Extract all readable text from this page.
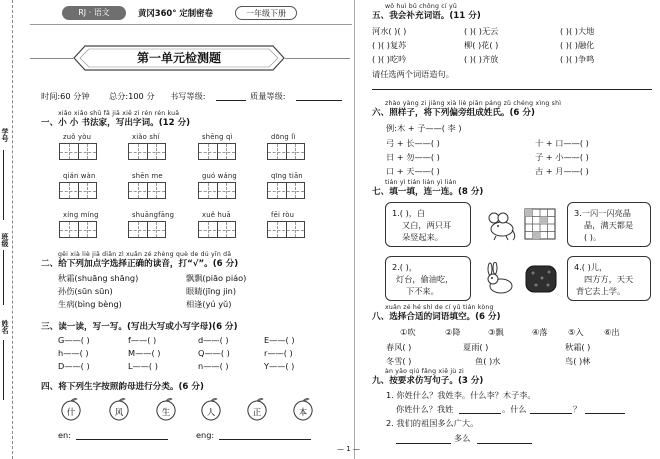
学号
班级
姓名
RJ · 语文	黄冈360° 定制密卷	一年级下册
第一单元检测题
时间:60 分钟 总分:100 分 书写等级:	质量等级:
xiǎo xiǎo shū fǎ jiā xiě zì rén rén kuā
一、小 小 书法家，写出字词。(12 分)
zuǒ yòu	xiǎo shí	shēng qì	dōng lì
qián wàn	shēn me	guó wáng	qīng tiān
xíng míng	shuāngfāng	xuě huā	fēi ròu
gěi xià liè jiā diǎn zì xuǎn zé zhèng què de dú yīn dǎ
二、给下列加点字选择正确的读音，打“√”。(6 分)
秋霜(shuāng shāng)	飘飘(piāo piáo)
孙伤(sūn sūn)	眼睛(jīng jin)
生病(bìng bèng)	相逢(yú yǔ)
三、读一读，写一写。(写出大写或小写字母)(6 分)
G——( )	f——( )	d——( )	E——( )
h——( )	M——( )	Q——( )	r——( )
D——( )	L——( )	n——( )	Y——( )
四、将下列生字按照韵母进行分类。(6 分)
什	风	生	人	正	本
en:	eng:
wǒ huì bǔ chōng cí yǔ
五、我会补充词语。(11 分)
河水( )( )	( )( )无云	( )( )大地
( )( )复苏	柳( )花( )	( )( )融化
( )( )吃吟	( )( )齐放	( )( )争鸣
请任选两个词语造句。
zhào yàng zi jiāng xià liè piān páng zǔ chéng xìng shì
六、照样子，将下列偏旁组成姓氏。(6 分)
例:木 + 子——( 李 )
弓 + 长——( )
日 + 勿——( )
口 + 天——( )
十 + 口——( )
子 + 小——( )
古 + 月——( )
tián yì tián lián yì lián
七、填一填，连一连。(8 分)
1.( )，白
又白，两只耳
朵竖起来。
3.一闪一闪亮晶
晶，满天都是
( )。
2.( )，
灯台，偷油吃，
下不来。
4.( )儿，
四方方，天天
背它去上学。
xuǎn zé hé shì de cí yǔ tián kòng
八、选择合适的词语填空。(6 分)
①吹	②降	③飘	④落 ⑤入 ⑥出
春风( )	夏雨( )	秋霜( )
冬雪( )	鱼( )水	鸟( )林
àn yāo qiú fǎng xiě jù zi
九、按要求仿写句子。(3 分)
1. 你姓什么？我姓李。什么李？木子李。
你姓什么？我姓	。什么	？
2. 我们的祖国多么广大。
多么
— 1 —
